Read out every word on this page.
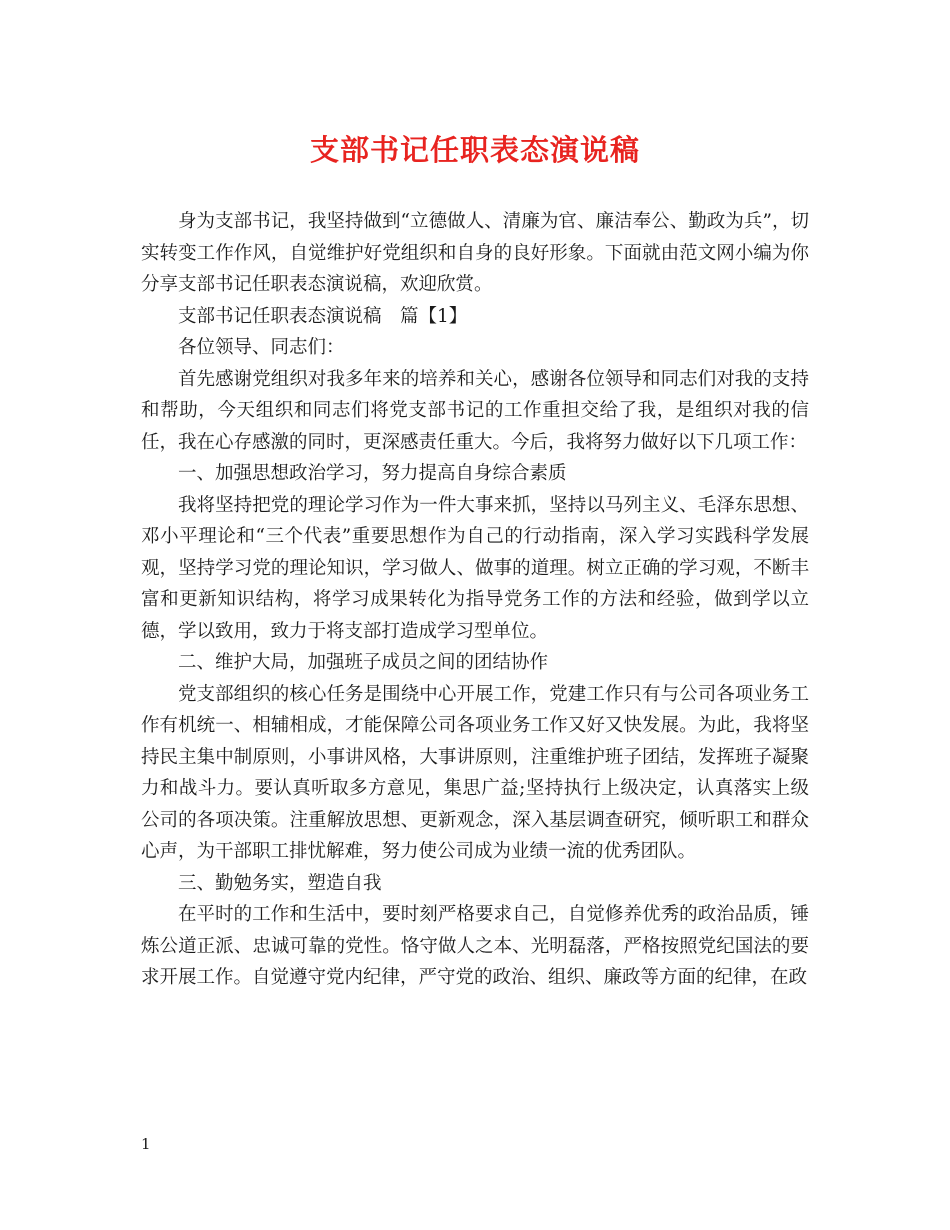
支部书记任职表态演说稿

身为支部书记，我坚持做到“立德做人、清廉为官、廉洁奉公、勤政为兵”，切实转变工作作风，自觉维护好党组织和自身的良好形象。下面就由范文网小编为你分享支部书记任职表态演说稿，欢迎欣赏。

支部书记任职表态演说稿　篇【1】

各位领导、同志们：

首先感谢党组织对我多年来的培养和关心，感谢各位领导和同志们对我的支持和帮助，今天组织和同志们将党支部书记的工作重担交给了我，是组织对我的信任，我在心存感激的同时，更深感责任重大。今后，我将努力做好以下几项工作：

一、加强思想政治学习，努力提高自身综合素质

我将坚持把党的理论学习作为一件大事来抓，坚持以马列主义、毛泽东思想、邓小平理论和“三个代表”重要思想作为自己的行动指南，深入学习实践科学发展观，坚持学习党的理论知识，学习做人、做事的道理。树立正确的学习观，不断丰富和更新知识结构，将学习成果转化为指导党务工作的方法和经验，做到学以立德，学以致用，致力于将支部打造成学习型单位。

二、维护大局，加强班子成员之间的团结协作

党支部组织的核心任务是围绕中心开展工作，党建工作只有与公司各项业务工作有机统一、相辅相成，才能保障公司各项业务工作又好又快发展。为此，我将坚持民主集中制原则，小事讲风格，大事讲原则，注重维护班子团结，发挥班子凝聚力和战斗力。要认真听取多方意见，集思广益;坚持执行上级决定，认真落实上级公司的各项决策。注重解放思想、更新观念，深入基层调查研究，倾听职工和群众心声，为干部职工排忧解难，努力使公司成为业绩一流的优秀团队。

三、勤勉务实，塑造自我

在平时的工作和生活中，要时刻严格要求自己，自觉修养优秀的政治品质，锤炼公道正派、忠诚可靠的党性。恪守做人之本、光明磊落，严格按照党纪国法的要求开展工作。自觉遵守党内纪律，严守党的政治、组织、廉政等方面的纪律，在政

1
